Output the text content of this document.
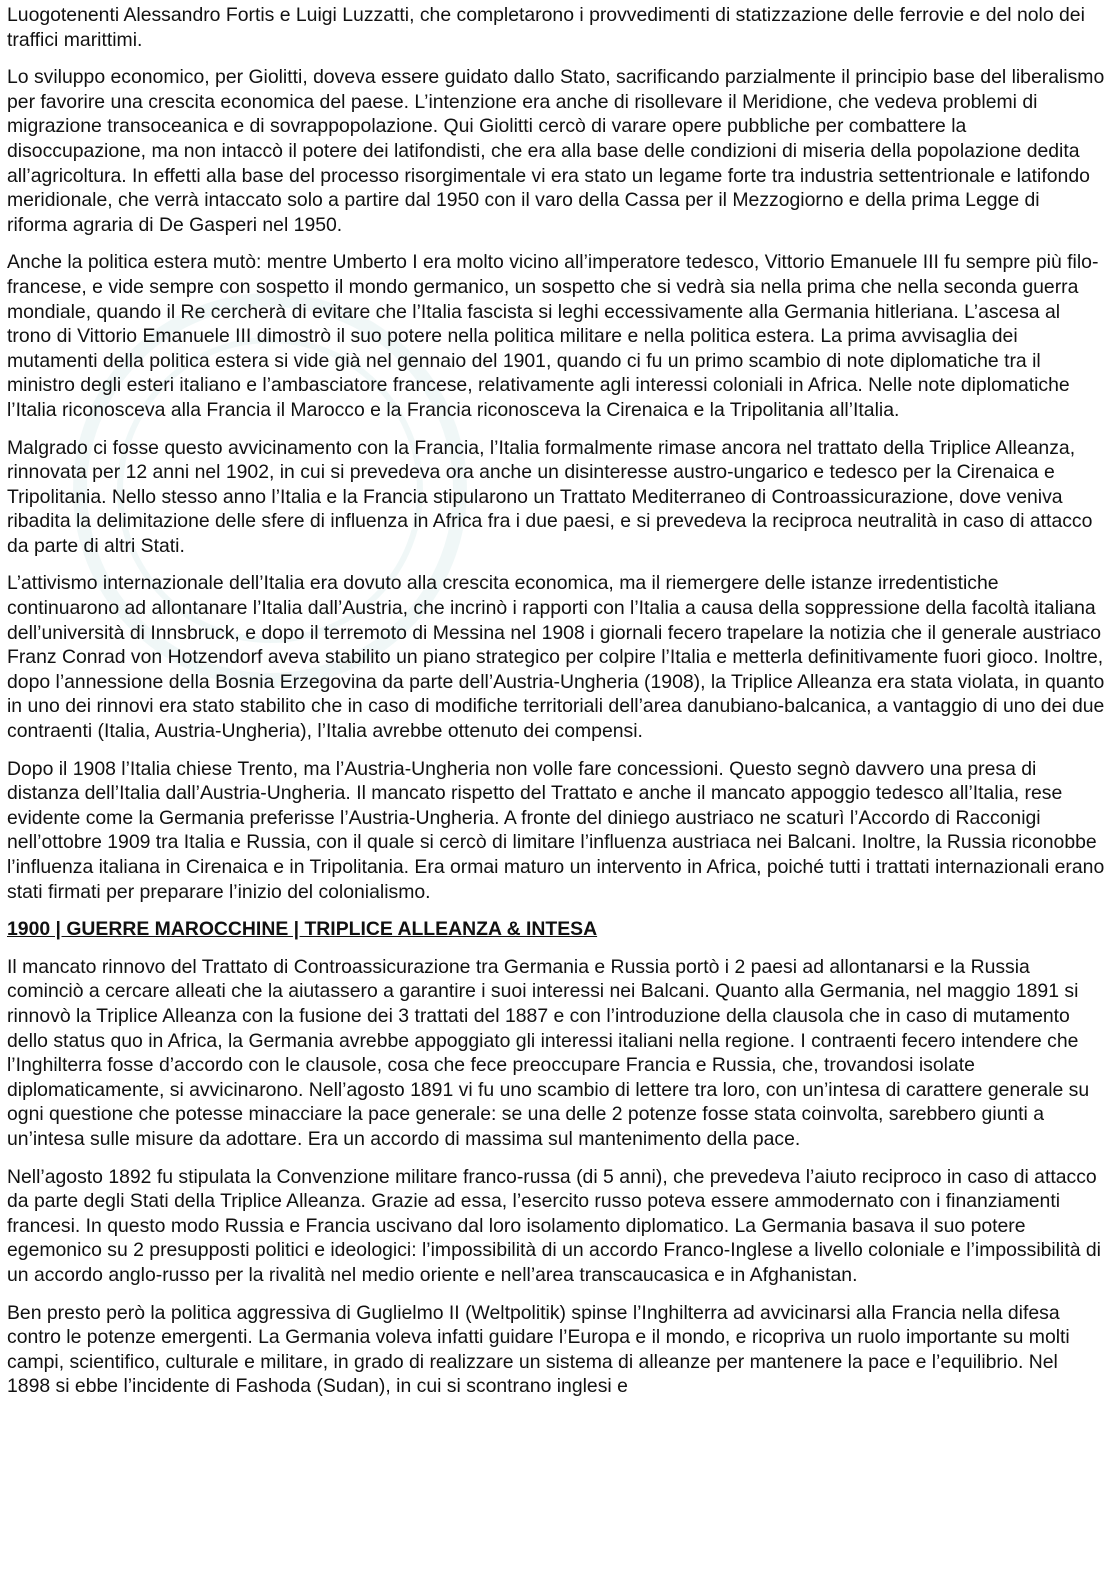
Luogotenenti Alessandro Fortis e Luigi Luzzatti, che completarono i provvedimenti di statizzazione delle ferrovie e del nolo dei traffici marittimi.

Lo sviluppo economico, per Giolitti, doveva essere guidato dallo Stato, sacrificando parzialmente il principio base del liberalismo per favorire una crescita economica del paese. L’intenzione era anche di risollevare il Meridione, che vedeva problemi di migrazione transoceanica e di sovrappopolazione. Qui Giolitti cercò di varare opere pubbliche per combattere la disoccupazione, ma non intaccò il potere dei latifondisti, che era alla base delle condizioni di miseria della popolazione dedita all’agricoltura. In effetti alla base del processo risorgimentale vi era stato un legame forte tra industria settentrionale e latifondo meridionale, che verrà intaccato solo a partire dal 1950 con il varo della Cassa per il Mezzogiorno e della prima Legge di riforma agraria di De Gasperi nel 1950.

Anche la politica estera mutò: mentre Umberto I era molto vicino all’imperatore tedesco, Vittorio Emanuele III fu sempre più filo-francese, e vide sempre con sospetto il mondo germanico, un sospetto che si vedrà sia nella prima che nella seconda guerra mondiale, quando il Re cercherà di evitare che l’Italia fascista si leghi eccessivamente alla Germania hitleriana. L’ascesa al trono di Vittorio Emanuele III dimostrò il suo potere nella politica militare e nella politica estera. La prima avvisaglia dei mutamenti della politica estera si vide già nel gennaio del 1901, quando ci fu un primo scambio di note diplomatiche tra il ministro degli esteri italiano e l’ambasciatore francese, relativamente agli interessi coloniali in Africa. Nelle note diplomatiche l’Italia riconosceva alla Francia il Marocco e la Francia riconosceva la Cirenaica e la Tripolitania all’Italia.

Malgrado ci fosse questo avvicinamento con la Francia, l’Italia formalmente rimase ancora nel trattato della Triplice Alleanza, rinnovata per 12 anni nel 1902, in cui si prevedeva ora anche un disinteresse austro-ungarico e tedesco per la Cirenaica e Tripolitania. Nello stesso anno l’Italia e la Francia stipularono un Trattato Mediterraneo di Controassicurazione, dove veniva ribadita la delimitazione delle sfere di influenza in Africa fra i due paesi, e si prevedeva la reciproca neutralità in caso di attacco da parte di altri Stati.

L’attivismo internazionale dell’Italia era dovuto alla crescita economica, ma il riemergere delle istanze irredentistiche continuarono ad allontanare l’Italia dall’Austria, che incrinò i rapporti con l’Italia a causa della soppressione della facoltà italiana dell’università di Innsbruck, e dopo il terremoto di Messina nel 1908 i giornali fecero trapelare la notizia che il generale austriaco Franz Conrad von Hotzendorf aveva stabilito un piano strategico per colpire l’Italia e metterla definitivamente fuori gioco. Inoltre, dopo l’annessione della Bosnia Erzegovina da parte dell’Austria-Ungheria (1908), la Triplice Alleanza era stata violata, in quanto in uno dei rinnovi era stato stabilito che in caso di modifiche territoriali dell’area danubiano-balcanica, a vantaggio di uno dei due contraenti (Italia, Austria-Ungheria), l’Italia avrebbe ottenuto dei compensi.

Dopo il 1908 l’Italia chiese Trento, ma l’Austria-Ungheria non volle fare concessioni. Questo segnò davvero una presa di distanza dell’Italia dall’Austria-Ungheria. Il mancato rispetto del Trattato e anche il mancato appoggio tedesco all’Italia, rese evidente come la Germania preferisse l’Austria-Ungheria. A fronte del diniego austriaco ne scaturì l’Accordo di Racconigi nell’ottobre 1909 tra Italia e Russia, con il quale si cercò di limitare l’influenza austriaca nei Balcani. Inoltre, la Russia riconobbe l’influenza italiana in Cirenaica e in Tripolitania. Era ormai maturo un intervento in Africa, poiché tutti i trattati internazionali erano stati firmati per preparare l’inizio del colonialismo.

1900 | GUERRE MAROCCHINE | TRIPLICE ALLEANZA & INTESA

Il mancato rinnovo del Trattato di Controassicurazione tra Germania e Russia portò i 2 paesi ad allontanarsi e la Russia cominciò a cercare alleati che la aiutassero a garantire i suoi interessi nei Balcani. Quanto alla Germania, nel maggio 1891 si rinnovò la Triplice Alleanza con la fusione dei 3 trattati del 1887 e con l’introduzione della clausola che in caso di mutamento dello status quo in Africa, la Germania avrebbe appoggiato gli interessi italiani nella regione. I contraenti fecero intendere che l’Inghilterra fosse d’accordo con le clausole, cosa che fece preoccupare Francia e Russia, che, trovandosi isolate diplomaticamente, si avvicinarono. Nell’agosto 1891 vi fu uno scambio di lettere tra loro, con un’intesa di carattere generale su ogni questione che potesse minacciare la pace generale: se una delle 2 potenze fosse stata coinvolta, sarebbero giunti a un’intesa sulle misure da adottare. Era un accordo di massima sul mantenimento della pace.

Nell’agosto 1892 fu stipulata la Convenzione militare franco-russa (di 5 anni), che prevedeva l’aiuto reciproco in caso di attacco da parte degli Stati della Triplice Alleanza. Grazie ad essa, l’esercito russo poteva essere ammodernato con i finanziamenti francesi. In questo modo Russia e Francia uscivano dal loro isolamento diplomatico. La Germania basava il suo potere egemonico su 2 presupposti politici e ideologici: l’impossibilità di un accordo Franco-Inglese a livello coloniale e l’impossibilità di un accordo anglo-russo per la rivalità nel medio oriente e nell’area transcaucasica e in Afghanistan.

Ben presto però la politica aggressiva di Guglielmo II (Weltpolitik) spinse l’Inghilterra ad avvicinarsi alla Francia nella difesa contro le potenze emergenti. La Germania voleva infatti guidare l’Europa e il mondo, e ricopriva un ruolo importante su molti campi, scientifico, culturale e militare, in grado di realizzare un sistema di alleanze per mantenere la pace e l’equilibrio. Nel 1898 si ebbe l’incidente di Fashoda (Sudan), in cui si scontrano inglesi e
